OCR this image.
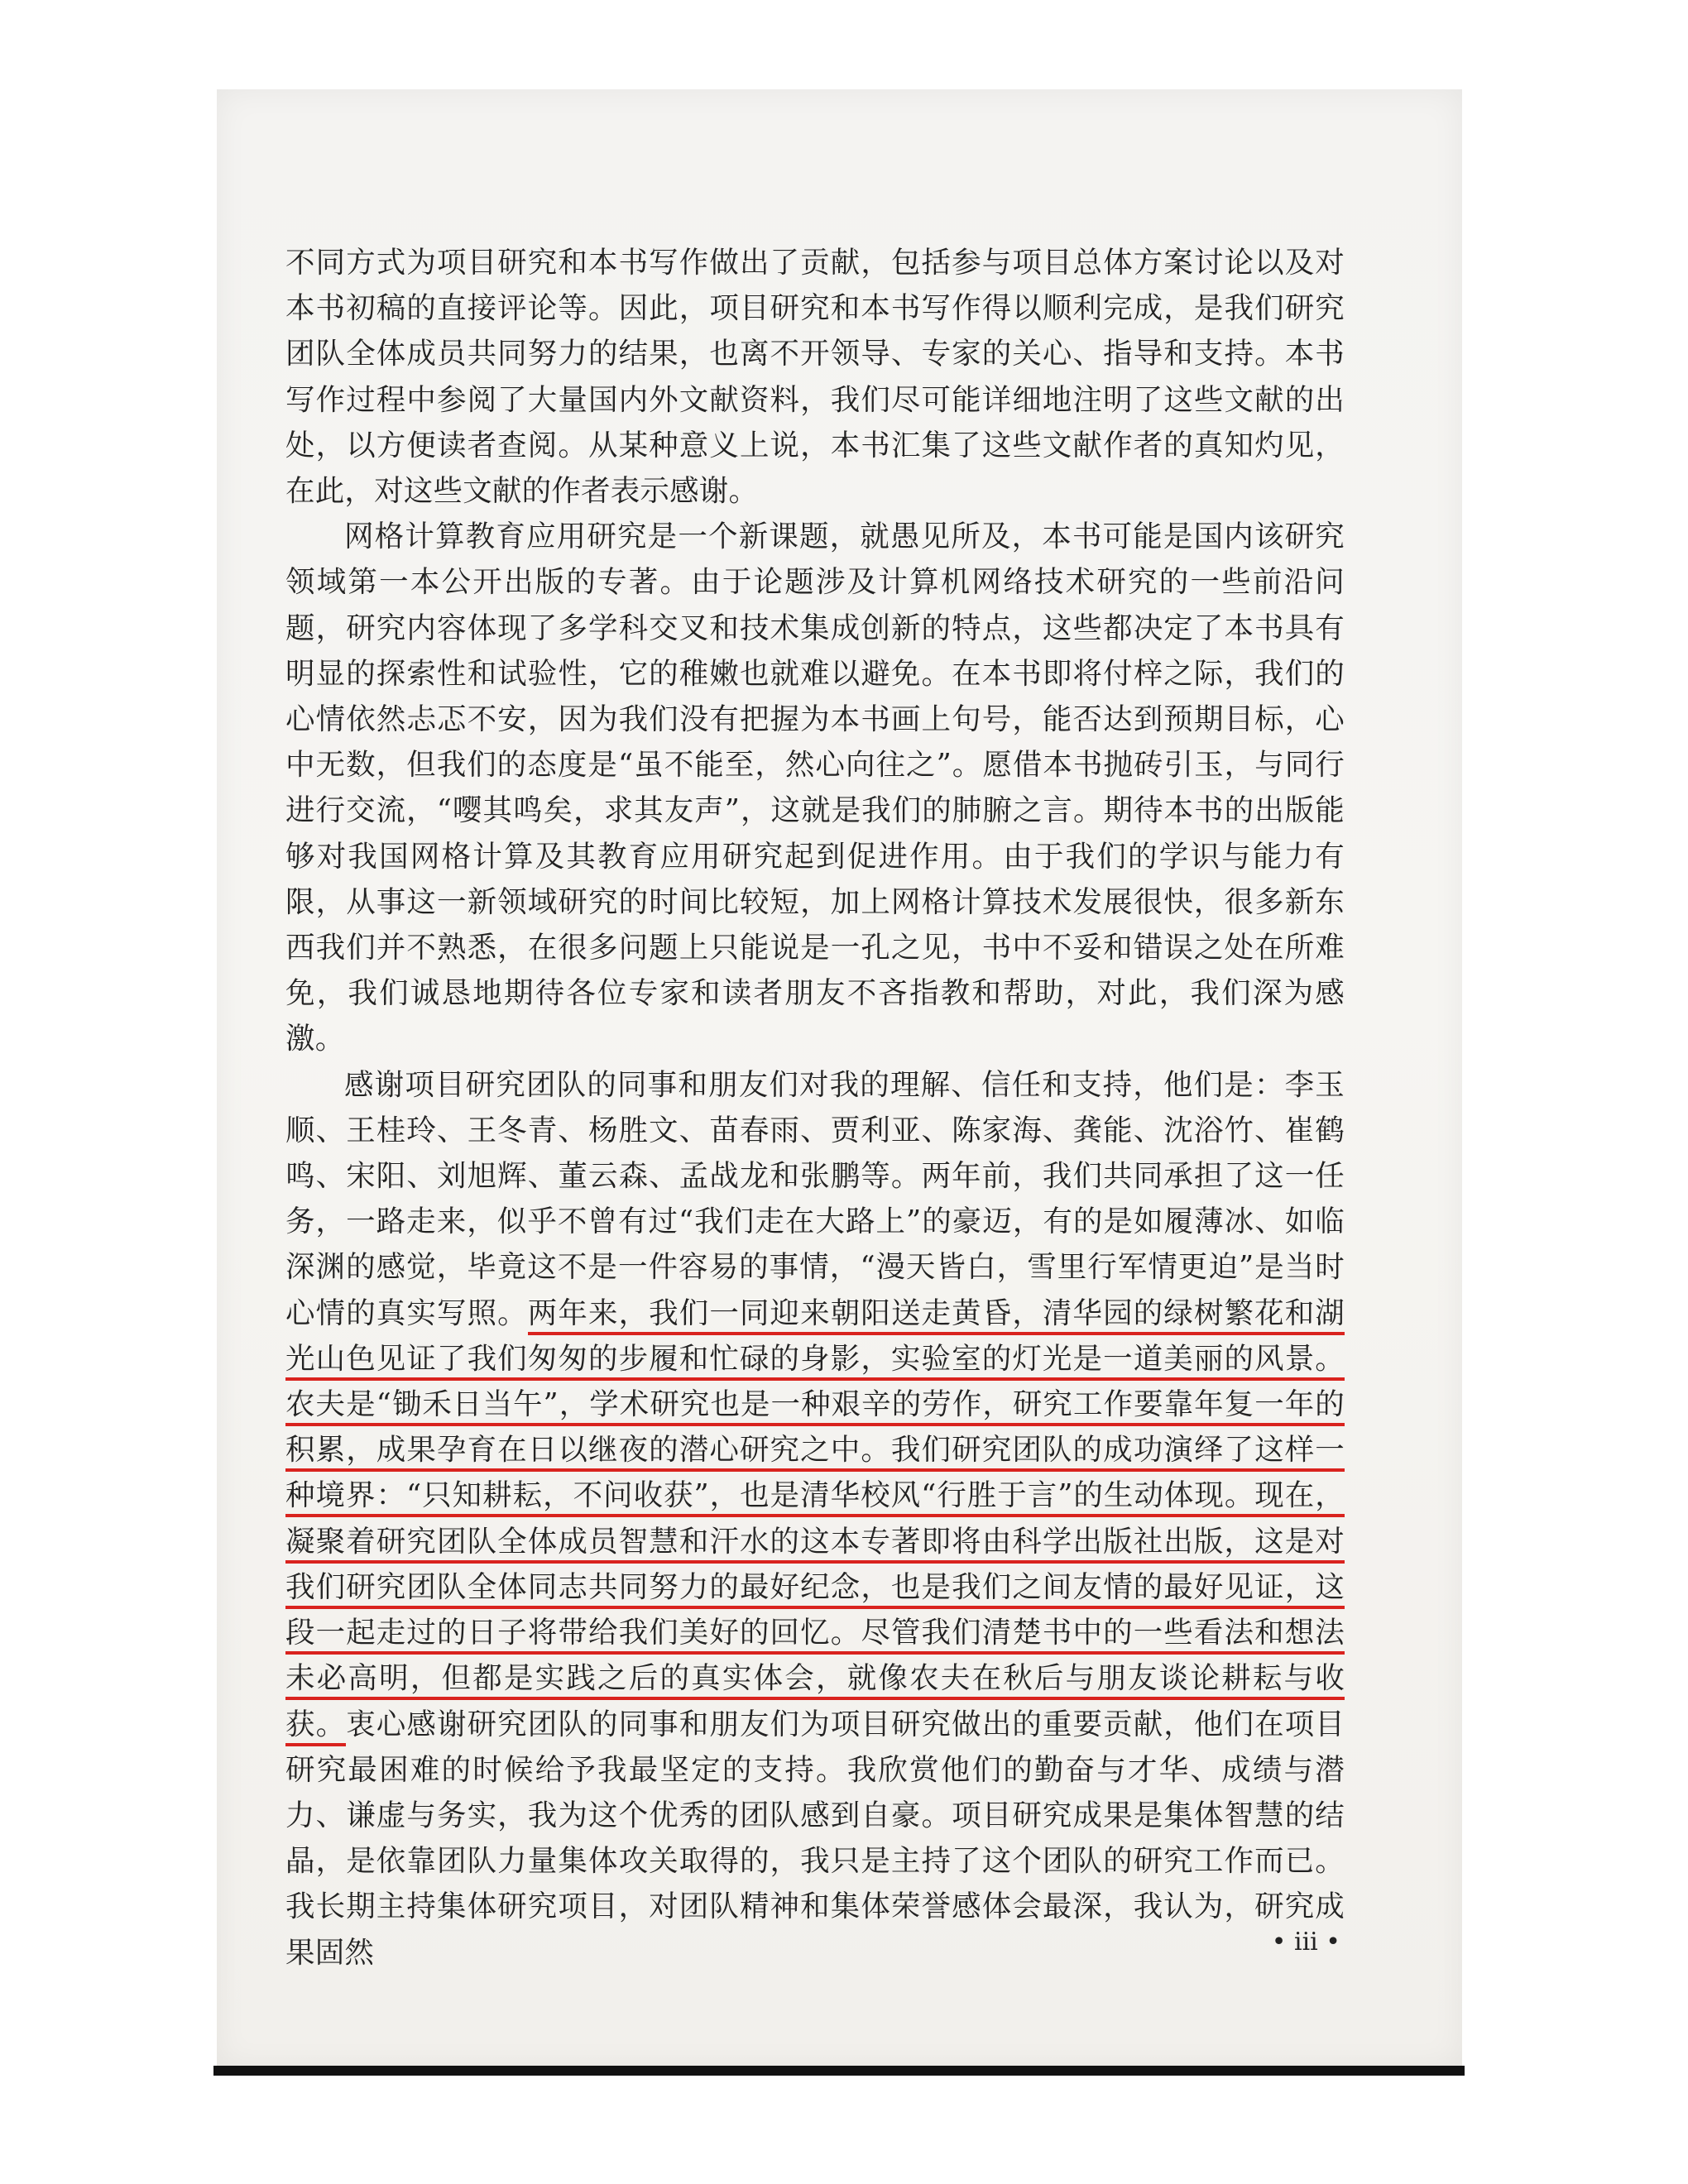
不同方式为项目研究和本书写作做出了贡献，包括参与项目总体方案讨论以及对本书初稿的直接评论等。因此，项目研究和本书写作得以顺利完成，是我们研究团队全体成员共同努力的结果，也离不开领导、专家的关心、指导和支持。本书写作过程中参阅了大量国内外文献资料，我们尽可能详细地注明了这些文献的出处，以方便读者查阅。从某种意义上说，本书汇集了这些文献作者的真知灼见，在此，对这些文献的作者表示感谢。

网格计算教育应用研究是一个新课题，就愚见所及，本书可能是国内该研究领域第一本公开出版的专著。由于论题涉及计算机网络技术研究的一些前沿问题，研究内容体现了多学科交叉和技术集成创新的特点，这些都决定了本书具有明显的探索性和试验性，它的稚嫩也就难以避免。在本书即将付梓之际，我们的心情依然忐忑不安，因为我们没有把握为本书画上句号，能否达到预期目标，心中无数，但我们的态度是“虽不能至，然心向往之”。愿借本书抛砖引玉，与同行进行交流，“嘤其鸣矣，求其友声”，这就是我们的肺腑之言。期待本书的出版能够对我国网格计算及其教育应用研究起到促进作用。由于我们的学识与能力有限，从事这一新领域研究的时间比较短，加上网格计算技术发展很快，很多新东西我们并不熟悉，在很多问题上只能说是一孔之见，书中不妥和错误之处在所难免，我们诚恳地期待各位专家和读者朋友不吝指教和帮助，对此，我们深为感激。

感谢项目研究团队的同事和朋友们对我的理解、信任和支持，他们是：李玉顺、王桂玲、王冬青、杨胜文、苗春雨、贾利亚、陈家海、龚能、沈浴竹、崔鹤鸣、宋阳、刘旭辉、董云森、孟战龙和张鹏等。两年前，我们共同承担了这一任务，一路走来，似乎不曾有过“我们走在大路上”的豪迈，有的是如履薄冰、如临深渊的感觉，毕竟这不是一件容易的事情，“漫天皆白，雪里行军情更迫”是当时心情的真实写照。两年来，我们一同迎来朝阳送走黄昏，清华园的绿树繁花和湖光山色见证了我们匆匆的步履和忙碌的身影，实验室的灯光是一道美丽的风景。农夫是“锄禾日当午”，学术研究也是一种艰辛的劳作，研究工作要靠年复一年的积累，成果孕育在日以继夜的潜心研究之中。我们研究团队的成功演绎了这样一种境界：“只知耕耘，不问收获”，也是清华校风“行胜于言”的生动体现。现在，凝聚着研究团队全体成员智慧和汗水的这本专著即将由科学出版社出版，这是对我们研究团队全体同志共同努力的最好纪念，也是我们之间友情的最好见证，这段一起走过的日子将带给我们美好的回忆。尽管我们清楚书中的一些看法和想法未必高明，但都是实践之后的真实体会，就像农夫在秋后与朋友谈论耕耘与收获。衷心感谢研究团队的同事和朋友们为项目研究做出的重要贡献，他们在项目研究最困难的时候给予我最坚定的支持。我欣赏他们的勤奋与才华、成绩与潜力、谦虚与务实，我为这个优秀的团队感到自豪。项目研究成果是集体智慧的结晶，是依靠团队力量集体攻关取得的，我只是主持了这个团队的研究工作而已。我长期主持集体研究项目，对团队精神和集体荣誉感体会最深，我认为，研究成果固然	• iii •
